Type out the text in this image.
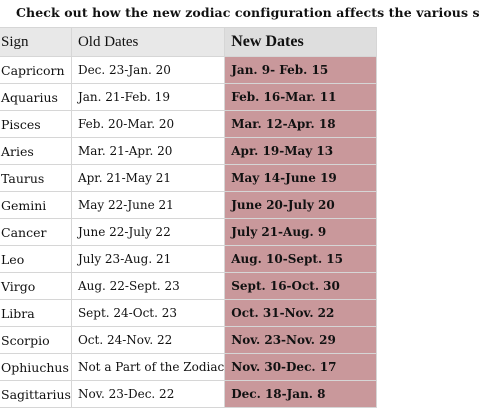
Check out how the new zodiac configuration affects the various s
Sign	Old Dates	New Dates
Capricorn	Dec. 23-Jan. 20	Jan. 9- Feb. 15
Aquarius	Jan. 21-Feb. 19	Feb. 16-Mar. 11
Pisces	Feb. 20-Mar. 20	Mar. 12-Apr. 18
Aries	Mar. 21-Apr. 20	Apr. 19-May 13
Taurus	Apr. 21-May 21	May 14-June 19
Gemini	May 22-June 21	June 20-July 20
Cancer	June 22-July 22	July 21-Aug. 9
Leo	July 23-Aug. 21	Aug. 10-Sept. 15
Virgo	Aug. 22-Sept. 23	Sept. 16-Oct. 30
Libra	Sept. 24-Oct. 23	Oct. 31-Nov. 22
Scorpio	Oct. 24-Nov. 22	Nov. 23-Nov. 29
Ophiuchus	Not a Part of the Zodiac	Nov. 30-Dec. 17
Sagittarius	Nov. 23-Dec. 22	Dec. 18-Jan. 8
